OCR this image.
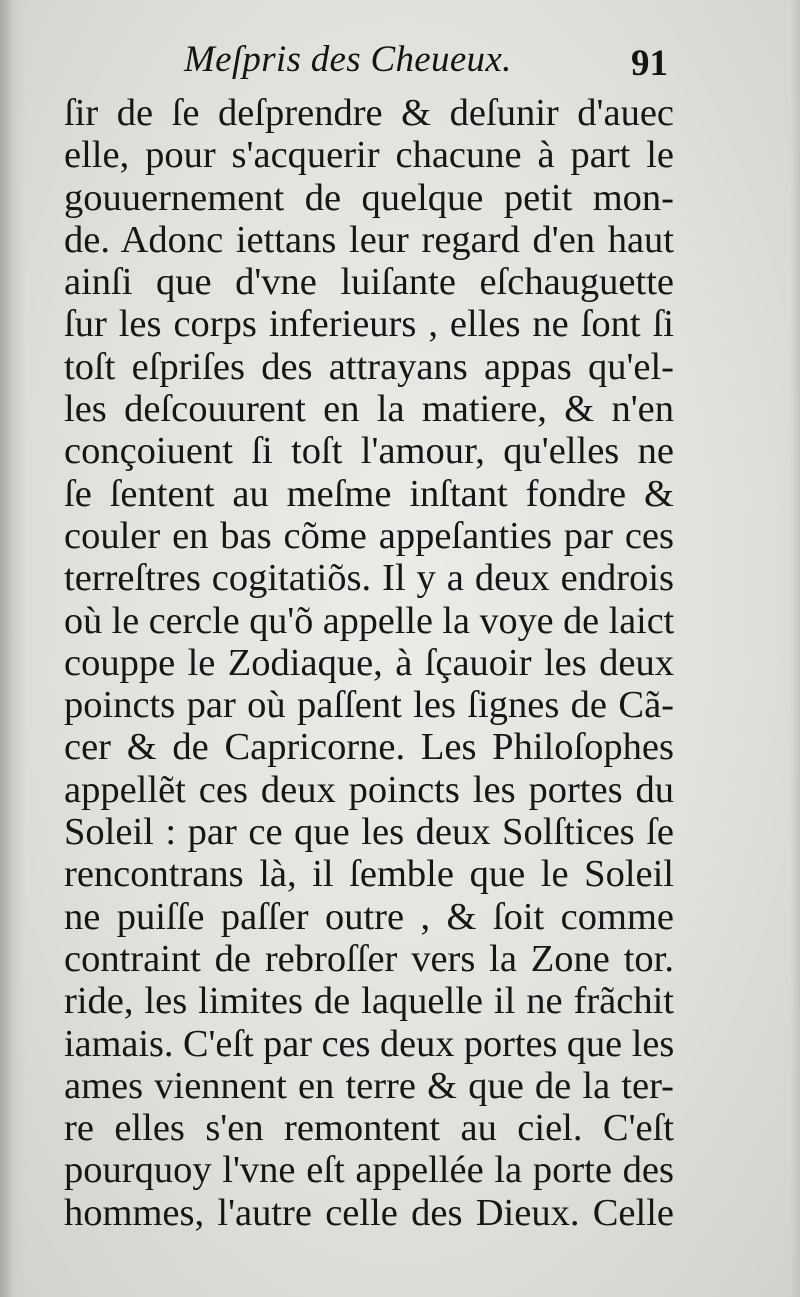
Meſpris des Cheueux.	91
ſir de ſe deſprendre & deſunir d'auec
elle, pour s'acquerir chacune à part le
gouuernement de quelque petit mon-
de. Adonc iettans leur regard d'en haut
ainſi que d'vne luiſante eſchauguette
ſur les corps inferieurs , elles ne ſont ſi
toſt eſpriſes des attrayans appas qu'el-
les deſcouurent en la matiere, & n'en
conçoiuent ſi toſt l'amour, qu'elles ne
ſe ſentent au meſme inſtant fondre &
couler en bas cõme appeſanties par ces
terreſtres cogitatiõs. Il y a deux endrois
où le cercle qu'õ appelle la voye de laict
couppe le Zodiaque, à ſçauoir les deux
poincts par où paſſent les ſignes de Cã-
cer & de Capricorne. Les Philoſophes
appellẽt ces deux poincts les portes du
Soleil : par ce que les deux Solſtices ſe
rencontrans là, il ſemble que le Soleil
ne puiſſe paſſer outre , & ſoit comme
contraint de rebroſſer vers la Zone tor.
ride, les limites de laquelle il ne frãchit
iamais. C'eſt par ces deux portes que les
ames viennent en terre & que de la ter-
re elles s'en remontent au ciel. C'eſt
pourquoy l'vne eſt appellée la porte des
hommes, l'autre celle des Dieux. Celle
